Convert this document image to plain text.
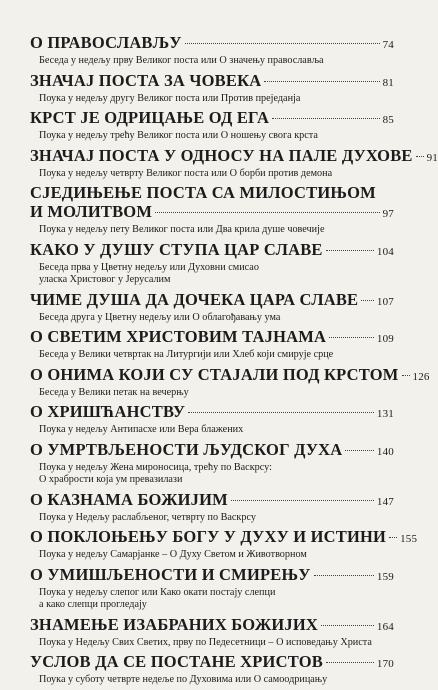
О ПРАВОСЛАВЉУ	74
Беседа у недељу прву Великог поста или О значењу православља
ЗНАЧАЈ ПОСТА ЗА ЧОВЕКА	81
Поука у недељу другу Великог поста или Против преједанја
КРСТ ЈЕ ОДРИЦАЊЕ ОД ЕГА	85
Поука у недељу трећу Великог поста или О ношењу свога крста
ЗНАЧАЈ ПОСТА У ОДНОСУ НА ПАЛЕ ДУХОВЕ 91
Поука у недељу четврту Великог поста или О борби против демона
СЈЕДИЊЕЊЕ ПОСТА СА МИЛОСТИЊОМ
И МОЛИТВОМ	97
Поука у недељу пету Великог поста или Два крила душе човечије
КАКО У ДУШУ СТУПА ЦАР СЛАВЕ	104
Беседа прва у Цветну недељу или Духовни смисао
уласка Христовог у Јерусалим
ЧИМЕ ДУША ДА ДОЧЕКА ЦАРА СЛАВЕ 107
Беседа друга у Цветну недељу или О облагођавању ума
О СВЕТИМ ХРИСТОВИМ ТАЈНАМА	109
Беседа у Велики четвртак на Литургији или Хлеб који смирује срце
О ОНИМА КОЈИ СУ СТАЈАЛИ ПОД КРСТОМ 126
Беседа у Велики петак на вечерњу
О ХРИШЋАНСТВУ	131
Поука у недељу Антипасхе или Вера блажених
О УМРТВЉЕНОСТИ ЉУДСКОГ ДУХА	140
Поука у недељу Жена мироносица, трећу по Васкрсу:
О храбрости која ум превазилази
О КАЗНАМА БОЖИЈИМ	147
Поука у Недељу раслабљеног, четврту по Васкрсу
О ПОКЛОЊЕЊУ БОГУ У ДУХУ И ИСТИНИ 155
Поука у недељу Самарјанке – О Духу Светом и Животворном
О УМИШЉЕНОСТИ И СМИРЕЊУ	159
Поука у недељу слепог или Како окати постају слепци
а како слепци прогледају
ЗНАМЕЊЕ ИЗАБРАНИХ БОЖИЈИХ	164
Поука у Недељу Свих Светих, прву по Педесетници – О исповедању Христа
УСЛОВ ДА СЕ ПОСТАНЕ ХРИСТОВ	170
Поука у суботу четврте недеље по Духовима или О самоодрицању
